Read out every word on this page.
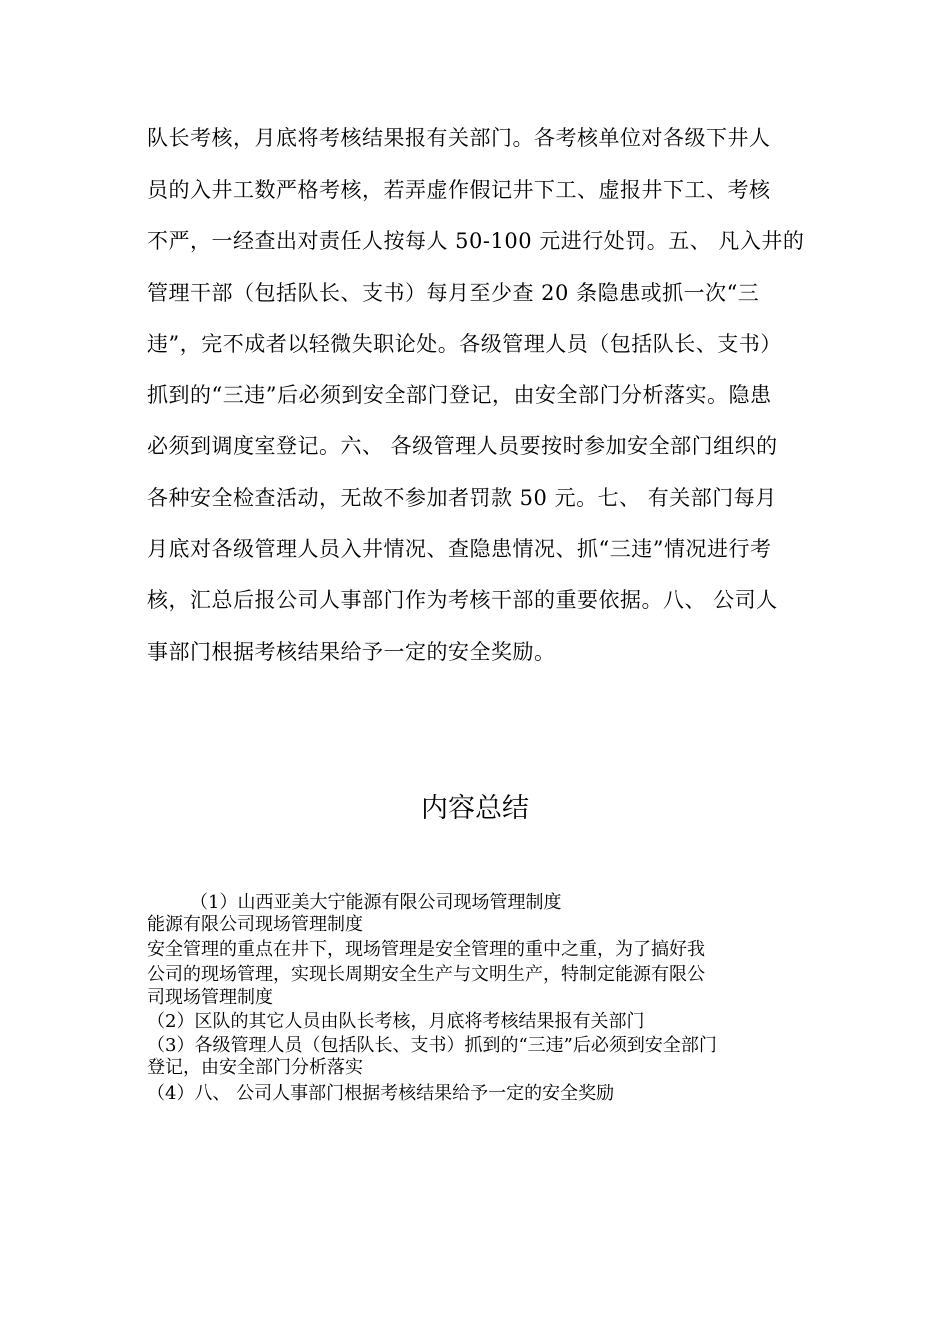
队长考核，月底将考核结果报有关部门。各考核单位对各级下井人
员的入井工数严格考核，若弄虚作假记井下工、虚报井下工、考核
不严，一经查出对责任人按每人 50-100 元进行处罚。五、 凡入井的
管理干部（包括队长、支书）每月至少查 20 条隐患或抓一次“三
违”，完不成者以轻微失职论处。各级管理人员（包括队长、支书）
抓到的“三违”后必须到安全部门登记，由安全部门分析落实。隐患
必须到调度室登记。六、 各级管理人员要按时参加安全部门组织的
各种安全检查活动，无故不参加者罚款 50 元。七、 有关部门每月
月底对各级管理人员入井情况、查隐患情况、抓“三违”情况进行考
核，汇总后报公司人事部门作为考核干部的重要依据。八、 公司人
事部门根据考核结果给予一定的安全奖励。
内容总结
（1）山西亚美大宁能源有限公司现场管理制度
能源有限公司现场管理制度
安全管理的重点在井下，现场管理是安全管理的重中之重，为了搞好我
公司的现场管理，实现长周期安全生产与文明生产，特制定能源有限公
司现场管理制度
（2）区队的其它人员由队长考核，月底将考核结果报有关部门
（3）各级管理人员（包括队长、支书）抓到的“三违”后必须到安全部门
登记，由安全部门分析落实
（4）八、 公司人事部门根据考核结果给予一定的安全奖励
